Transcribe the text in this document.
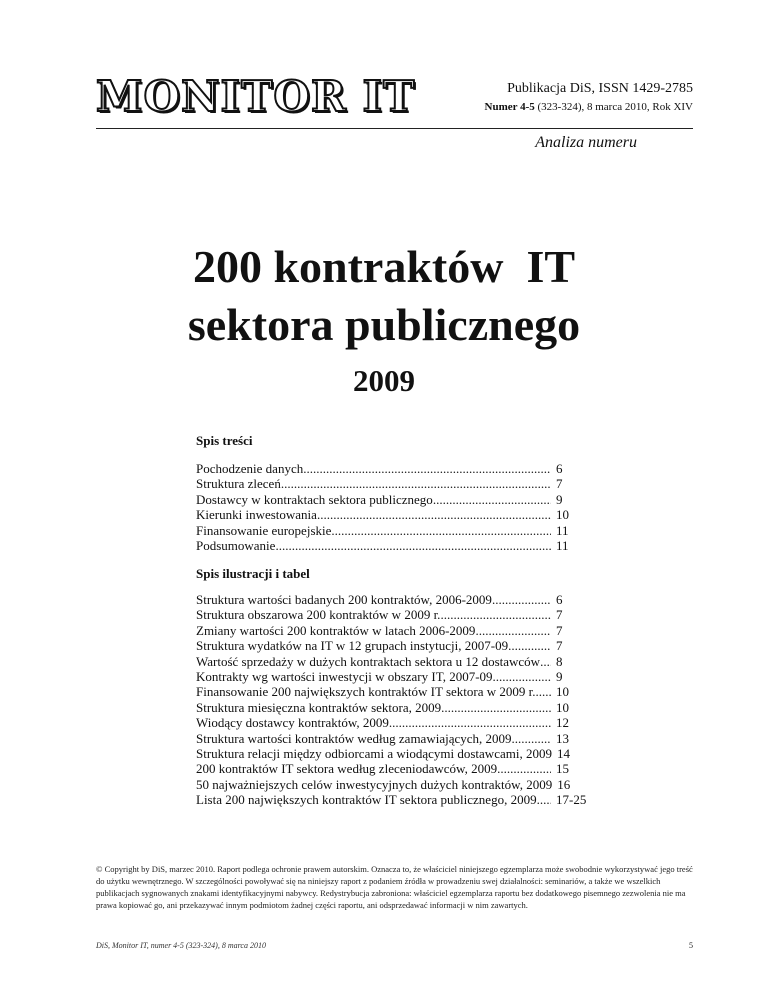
MONITOR IT	Publikacja DiS, ISSN 1429-2785
Numer 4-5 (323-324), 8 marca 2010, Rok XIV
Analiza numeru
200 kontraktów  IT
sektora publicznego
2009
Spis treści
Pochodzenie danych .....	6
Struktura zleceń .....	7
Dostawcy w kontraktach sektora publicznego .....	9
Kierunki inwestowania .....	10
Finansowanie europejskie .....	11
Podsumowanie .....	11
Spis ilustracji i tabel
Struktura wartości badanych 200 kontraktów, 2006-2009 .....	6
Struktura obszarowa 200 kontraktów w 2009 r. .....	7
Zmiany wartości 200 kontraktów w latach 2006-2009 .....	7
Struktura wydatków na IT w 12 grupach instytucji, 2007-09 .....	7
Wartość sprzedaży w dużych kontraktach sektora u 12 dostawców .....	8
Kontrakty wg wartości inwestycji w obszary IT, 2007-09 .....	9
Finansowanie 200 największych kontraktów IT sektora w 2009 r. .....	10
Struktura miesięczna kontraktów sektora, 2009 .....	10
Wiodący dostawcy kontraktów, 2009 .....	12
Struktura wartości kontraktów według zamawiających, 2009 .....	13
Struktura relacji między odbiorcami a wiodącymi dostawcami, 2009 14
200 kontraktów IT sektora według zleceniodawców, 2009 .....	15
50 najważniejszych celów inwestycyjnych dużych kontraktów, 2009 16
Lista 200 największych kontraktów IT sektora publicznego, 2009 .....	17-25
© Copyright by DiS, marzec 2010. Raport podlega ochronie prawem autorskim. Oznacza to, że właściciel niniejszego egzemplarza może swobodnie wykorzystywać jego treść do użytku wewnętrznego. W szczególności powoływać się na niniejszy raport z podaniem źródła w prowadzeniu swej działalności: seminariów, a także we wszelkich publikacjach sygnowanych znakami identyfikacyjnymi nabywcy. Redystrybucja zabroniona: właściciel egzemplarza raportu bez dodatkowego pisemnego zezwolenia nie ma prawa kopiować go, ani przekazywać innym podmiotom żadnej części raportu, ani odsprzedawać informacji w nim zawartych.
DiS, Monitor IT, numer 4-5 (323-324), 8 marca 2010	5
